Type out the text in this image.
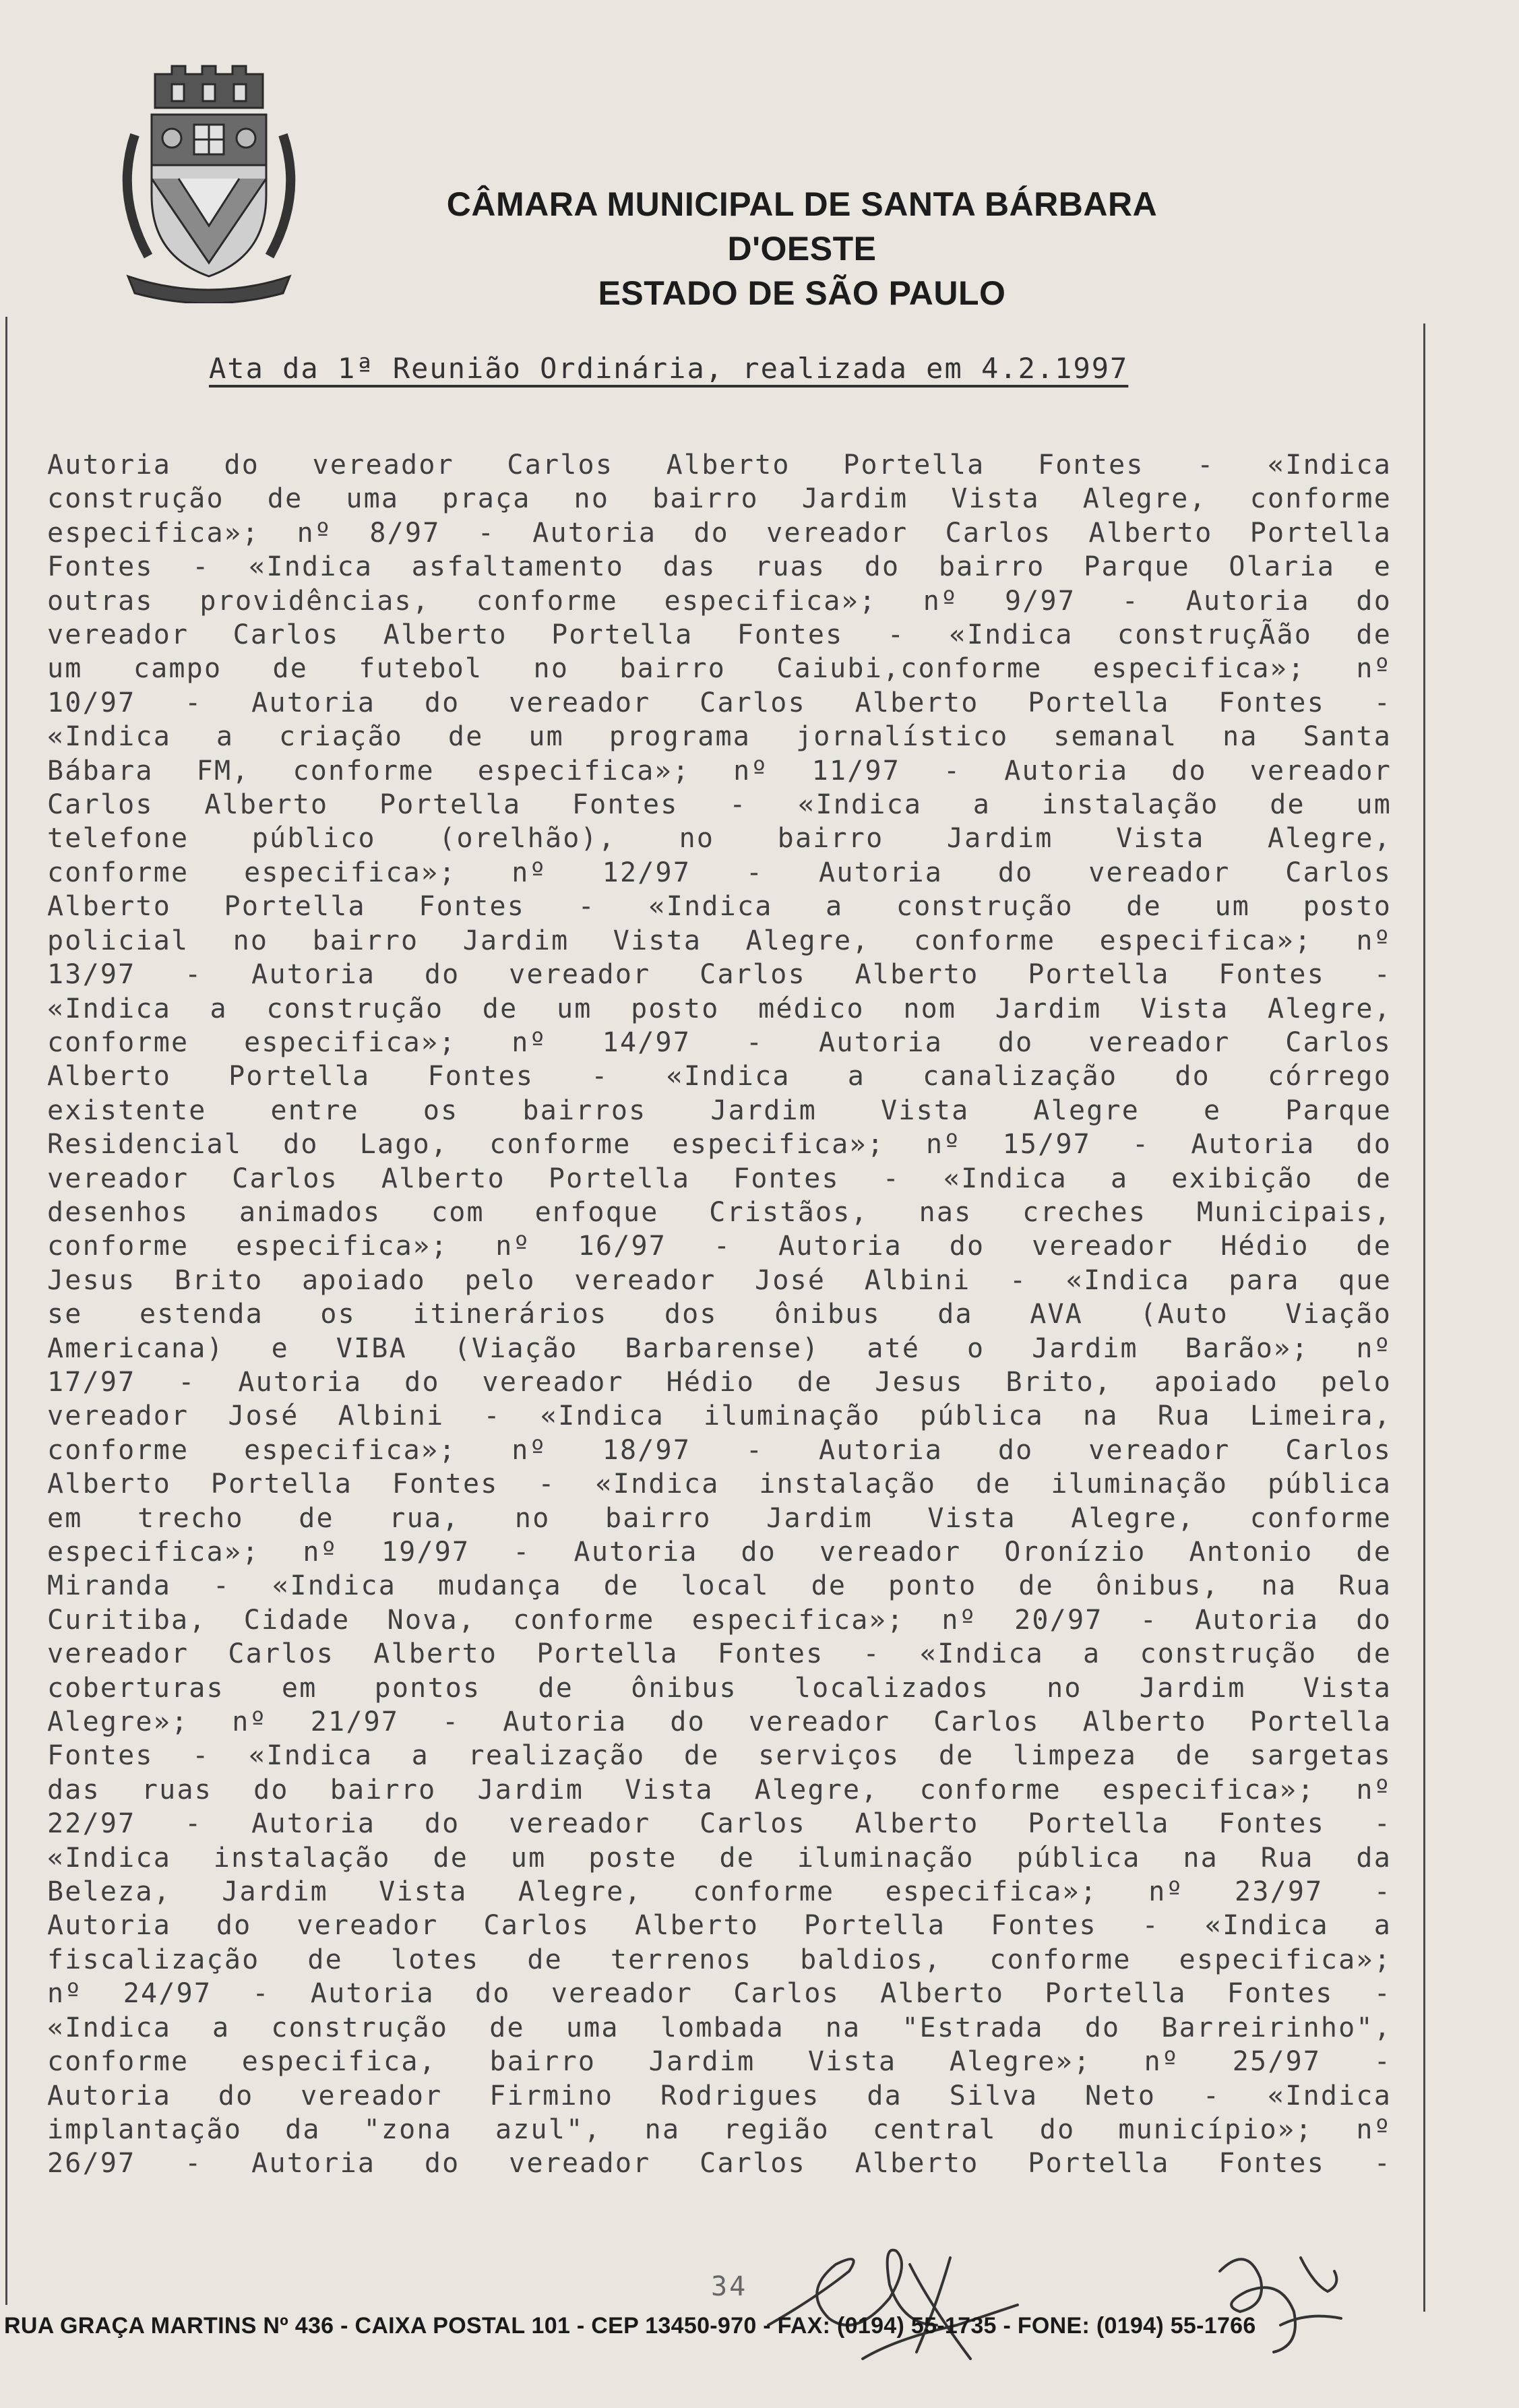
CÂMARA MUNICIPAL DE SANTA BÁRBARA D'OESTE
ESTADO DE SÃO PAULO
Ata da 1ª Reunião Ordinária, realizada em 4.2.1997
Autoria do vereador Carlos Alberto Portella Fontes - «Indica
construção de uma praça no bairro Jardim Vista Alegre, conforme
especifica»; nº 8/97 - Autoria do vereador Carlos Alberto Portella
Fontes - «Indica asfaltamento das ruas do bairro Parque Olaria e
outras providências, conforme especifica»; nº 9/97 - Autoria do
vereador Carlos Alberto Portella Fontes - «Indica construçÃão de
um campo de futebol no bairro Caiubi,conforme especifica»; nº
10/97 - Autoria do vereador Carlos Alberto Portella Fontes -
«Indica a criação de um programa jornalístico semanal na Santa
Bábara FM, conforme especifica»; nº 11/97 - Autoria do vereador
Carlos Alberto Portella Fontes - «Indica a instalação de um
telefone público (orelhão), no bairro Jardim Vista Alegre,
conforme especifica»; nº 12/97 - Autoria do vereador Carlos
Alberto Portella Fontes - «Indica a construção de um posto
policial no bairro Jardim Vista Alegre, conforme especifica»; nº
13/97 - Autoria do vereador Carlos Alberto Portella Fontes -
«Indica a construção de um posto médico nom Jardim Vista Alegre,
conforme especifica»; nº 14/97 - Autoria do vereador Carlos
Alberto Portella Fontes - «Indica a canalização do córrego
existente entre os bairros Jardim Vista Alegre e Parque
Residencial do Lago, conforme especifica»; nº 15/97 - Autoria do
vereador Carlos Alberto Portella Fontes - «Indica a exibição de
desenhos animados com enfoque Cristãos, nas creches Municipais,
conforme especifica»; nº 16/97 - Autoria do vereador Hédio de
Jesus Brito apoiado pelo vereador José Albini - «Indica para que
se estenda os itinerários dos ônibus da AVA (Auto Viação
Americana) e VIBA (Viação Barbarense) até o Jardim Barão»; nº
17/97 - Autoria do vereador Hédio de Jesus Brito, apoiado pelo
vereador José Albini - «Indica iluminação pública na Rua Limeira,
conforme especifica»; nº 18/97 - Autoria do vereador Carlos
Alberto Portella Fontes - «Indica instalação de iluminação pública
em trecho de rua, no bairro Jardim Vista Alegre, conforme
especifica»; nº 19/97 - Autoria do vereador Oronízio Antonio de
Miranda - «Indica mudança de local de ponto de ônibus, na Rua
Curitiba, Cidade Nova, conforme especifica»; nº 20/97 - Autoria do
vereador Carlos Alberto Portella Fontes - «Indica a construção de
coberturas em pontos de ônibus localizados no Jardim Vista
Alegre»; nº 21/97 - Autoria do vereador Carlos Alberto Portella
Fontes - «Indica a realização de serviços de limpeza de sargetas
das ruas do bairro Jardim Vista Alegre, conforme especifica»; nº
22/97 - Autoria do vereador Carlos Alberto Portella Fontes -
«Indica instalação de um poste de iluminação pública na Rua da
Beleza, Jardim Vista Alegre, conforme especifica»; nº 23/97 -
Autoria do vereador Carlos Alberto Portella Fontes - «Indica a
fiscalização de lotes de terrenos baldios, conforme especifica»;
nº 24/97 - Autoria do vereador Carlos Alberto Portella Fontes -
«Indica a construção de uma lombada na "Estrada do Barreirinho",
conforme especifica, bairro Jardim Vista Alegre»; nº 25/97 -
Autoria do vereador Firmino Rodrigues da Silva Neto - «Indica
implantação da "zona azul", na região central do município»; nº
26/97 - Autoria do vereador Carlos Alberto Portella Fontes -
34
RUA GRAÇA MARTINS Nº 436 - CAIXA POSTAL 101 - CEP 13450-970 - FAX: (0194) 55-1735 - FONE: (0194) 55-1766
